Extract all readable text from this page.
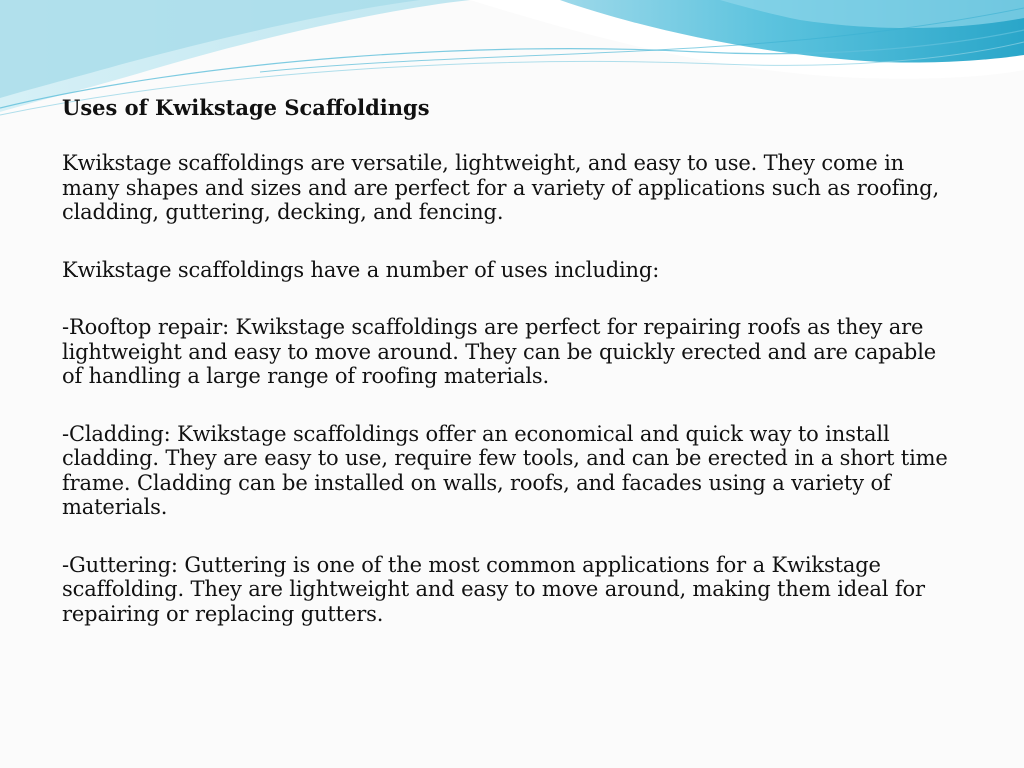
Uses of Kwikstage Scaffoldings

Kwikstage scaffoldings are versatile, lightweight, and easy to use. They come in many shapes and sizes and are perfect for a variety of applications such as roofing, cladding, guttering, decking, and fencing.

Kwikstage scaffoldings have a number of uses including:

-Rooftop repair: Kwikstage scaffoldings are perfect for repairing roofs as they are lightweight and easy to move around. They can be quickly erected and are capable of handling a large range of roofing materials.

-Cladding: Kwikstage scaffoldings offer an economical and quick way to install cladding. They are easy to use, require few tools, and can be erected in a short time frame. Cladding can be installed on walls, roofs, and facades using a variety of materials.

-Guttering: Guttering is one of the most common applications for a Kwikstage scaffolding. They are lightweight and easy to move around, making them ideal for repairing or replacing gutters.
